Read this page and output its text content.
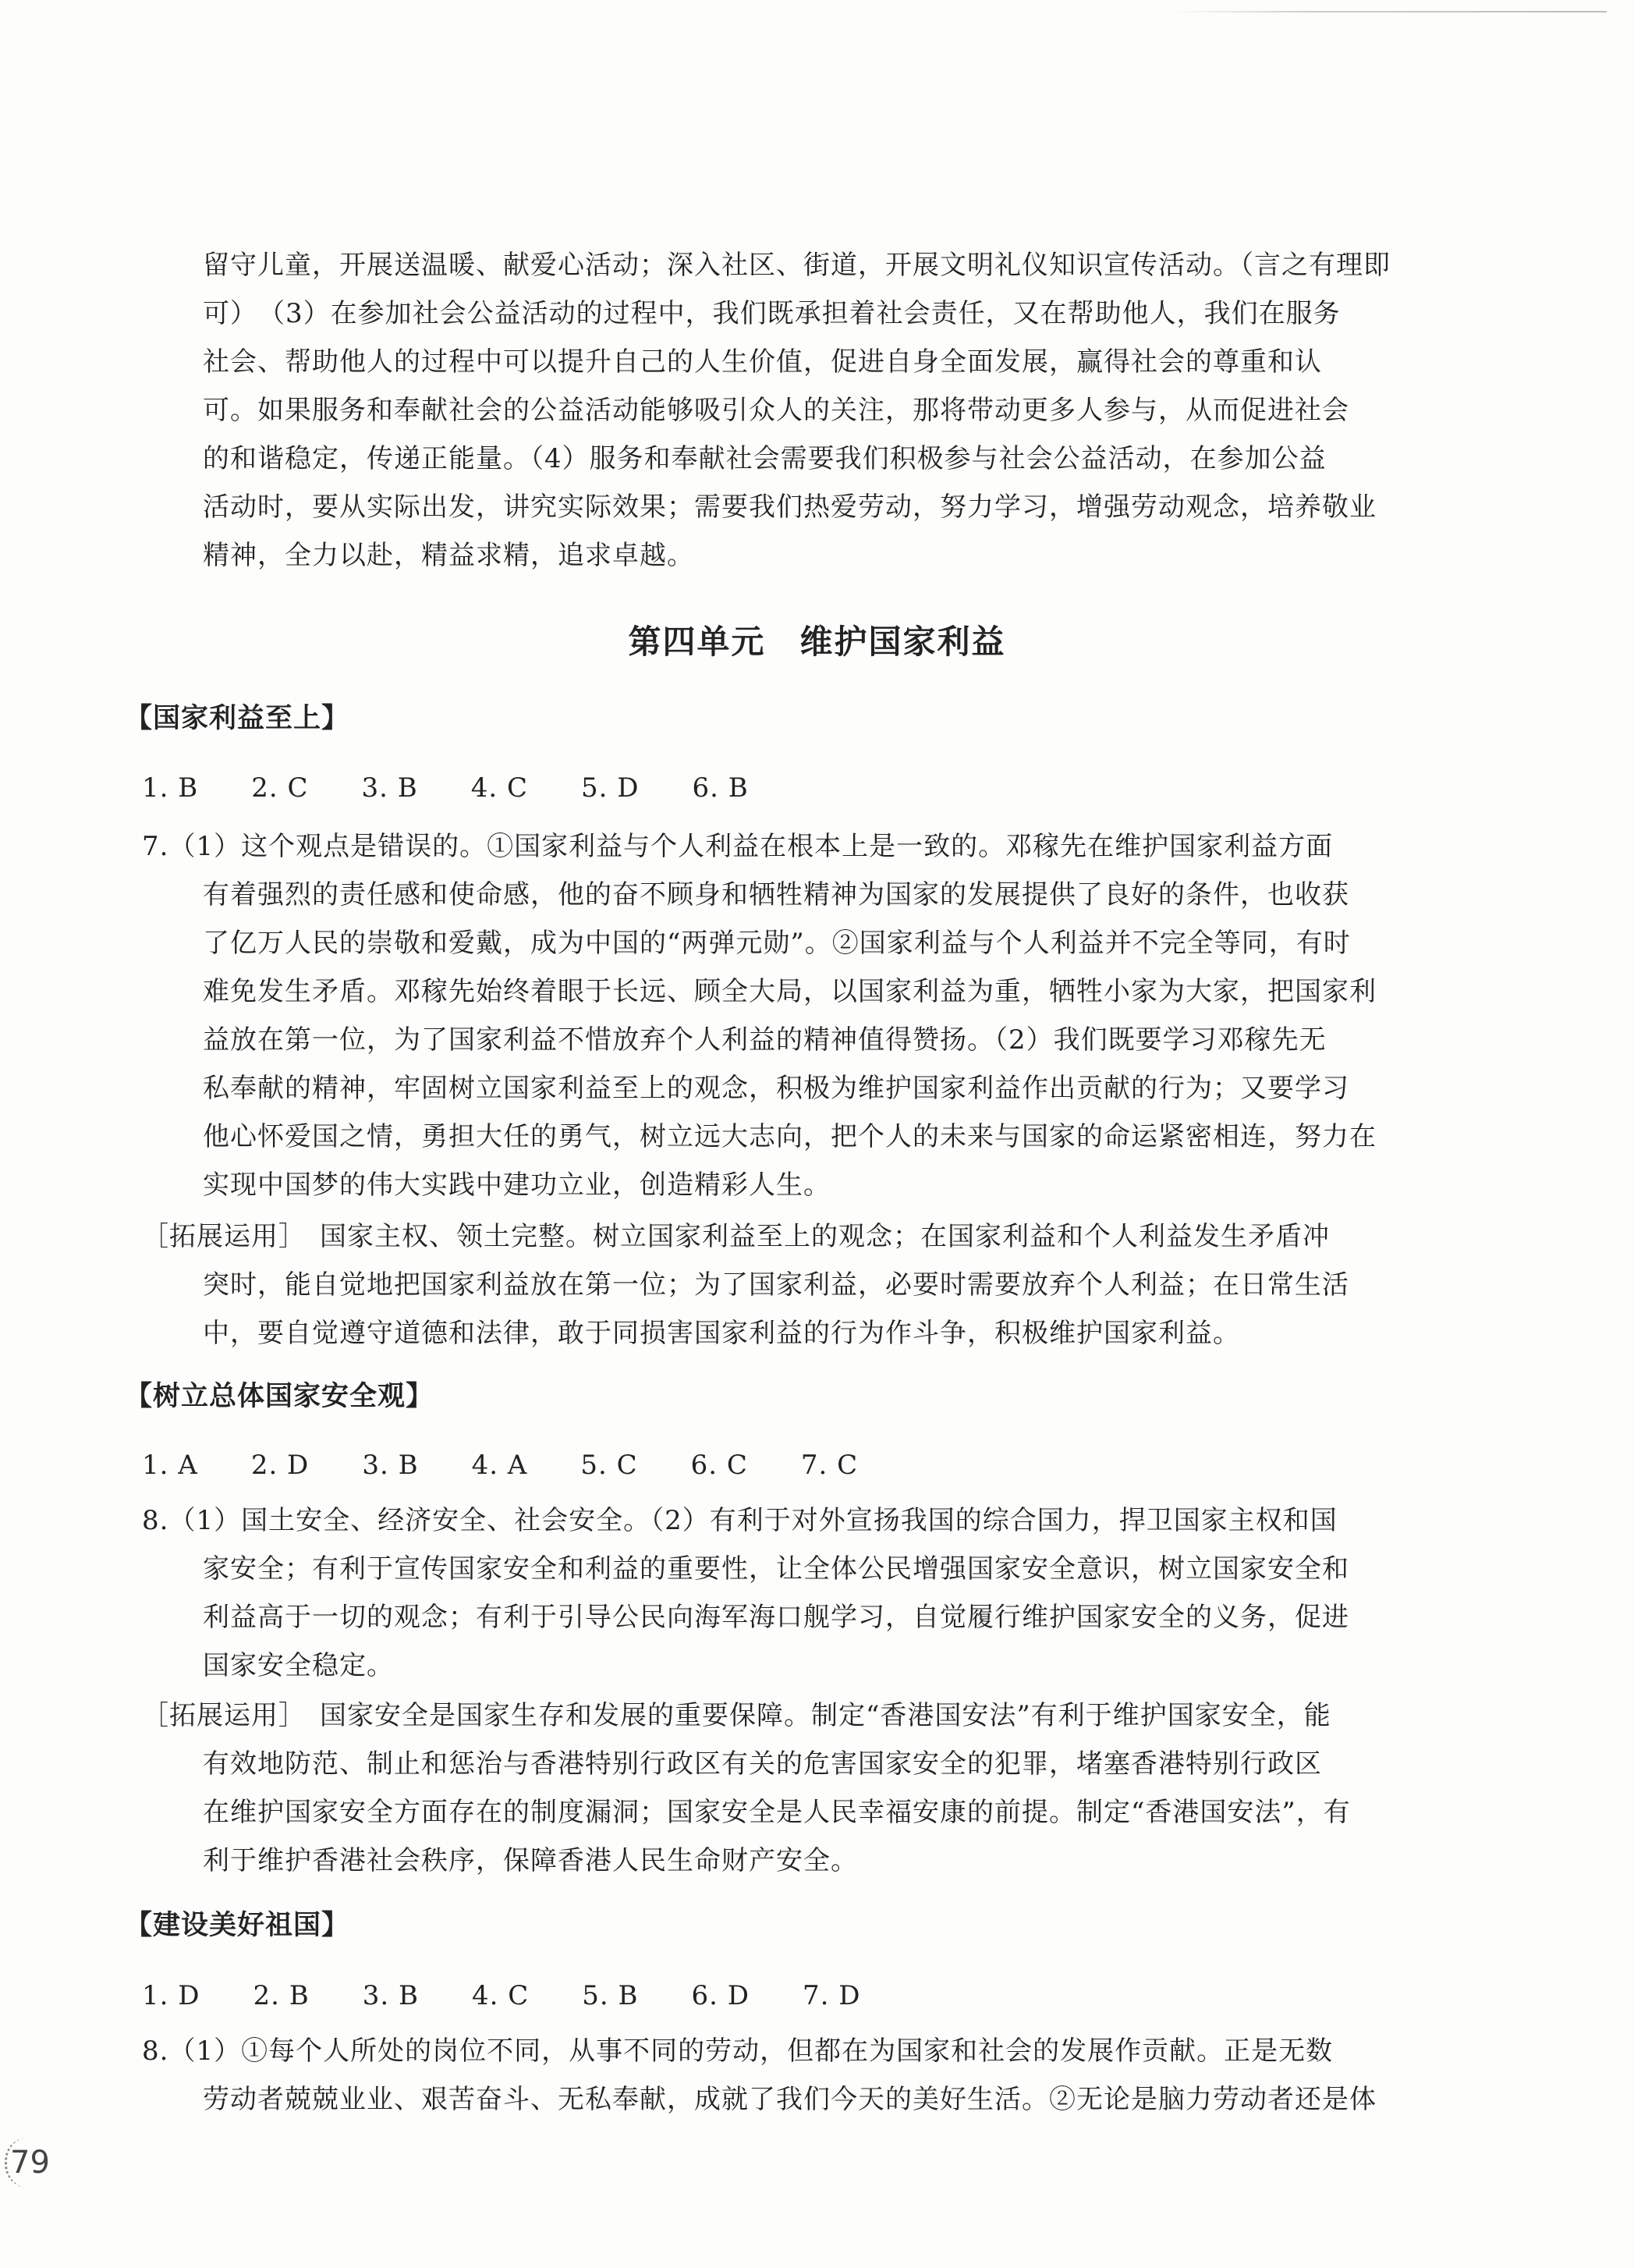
留守儿童，开展送温暖、献爱心活动；深入社区、街道，开展文明礼仪知识宣传活动。（言之有理即
可）　（3）在参加社会公益活动的过程中，我们既承担着社会责任，又在帮助他人，我们在服务
社会、帮助他人的过程中可以提升自己的人生价值，促进自身全面发展，赢得社会的尊重和认
可。如果服务和奉献社会的公益活动能够吸引众人的关注，那将带动更多人参与，从而促进社会
的和谐稳定，传递正能量。（4）服务和奉献社会需要我们积极参与社会公益活动，在参加公益
活动时，要从实际出发，讲究实际效果；需要我们热爱劳动，努力学习，增强劳动观念，培养敬业
精神，全力以赴，精益求精，追求卓越。
第四单元　维护国家利益
【国家利益至上】
1. B 2. C 3. B 4. C 5. D 6. B
7.（1）这个观点是错误的。①国家利益与个人利益在根本上是一致的。邓稼先在维护国家利益方面
有着强烈的责任感和使命感，他的奋不顾身和牺牲精神为国家的发展提供了良好的条件，也收获
了亿万人民的崇敬和爱戴，成为中国的“两弹元勋”。②国家利益与个人利益并不完全等同，有时
难免发生矛盾。邓稼先始终着眼于长远、顾全大局，以国家利益为重，牺牲小家为大家，把国家利
益放在第一位，为了国家利益不惜放弃个人利益的精神值得赞扬。（2）我们既要学习邓稼先无
私奉献的精神，牢固树立国家利益至上的观念，积极为维护国家利益作出贡献的行为；又要学习
他心怀爱国之情，勇担大任的勇气，树立远大志向，把个人的未来与国家的命运紧密相连，努力在
实现中国梦的伟大实践中建功立业，创造精彩人生。
［拓展运用］　国家主权、领土完整。树立国家利益至上的观念；在国家利益和个人利益发生矛盾冲
突时，能自觉地把国家利益放在第一位；为了国家利益，必要时需要放弃个人利益；在日常生活
中，要自觉遵守道德和法律，敢于同损害国家利益的行为作斗争，积极维护国家利益。
【树立总体国家安全观】
1. A 2. D 3. B 4. A 5. C 6. C 7. C
8.（1）国土安全、经济安全、社会安全。（2）有利于对外宣扬我国的综合国力，捍卫国家主权和国
家安全；有利于宣传国家安全和利益的重要性，让全体公民增强国家安全意识，树立国家安全和
利益高于一切的观念；有利于引导公民向海军海口舰学习，自觉履行维护国家安全的义务，促进
国家安全稳定。
［拓展运用］　国家安全是国家生存和发展的重要保障。制定“香港国安法”有利于维护国家安全，能
有效地防范、制止和惩治与香港特别行政区有关的危害国家安全的犯罪，堵塞香港特别行政区
在维护国家安全方面存在的制度漏洞；国家安全是人民幸福安康的前提。制定“香港国安法”，有
利于维护香港社会秩序，保障香港人民生命财产安全。
【建设美好祖国】
1. D 2. B 3. B 4. C 5. B 6. D 7. D
8.（1）①每个人所处的岗位不同，从事不同的劳动，但都在为国家和社会的发展作贡献。正是无数
劳动者兢兢业业、艰苦奋斗、无私奉献，成就了我们今天的美好生活。②无论是脑力劳动者还是体
79
